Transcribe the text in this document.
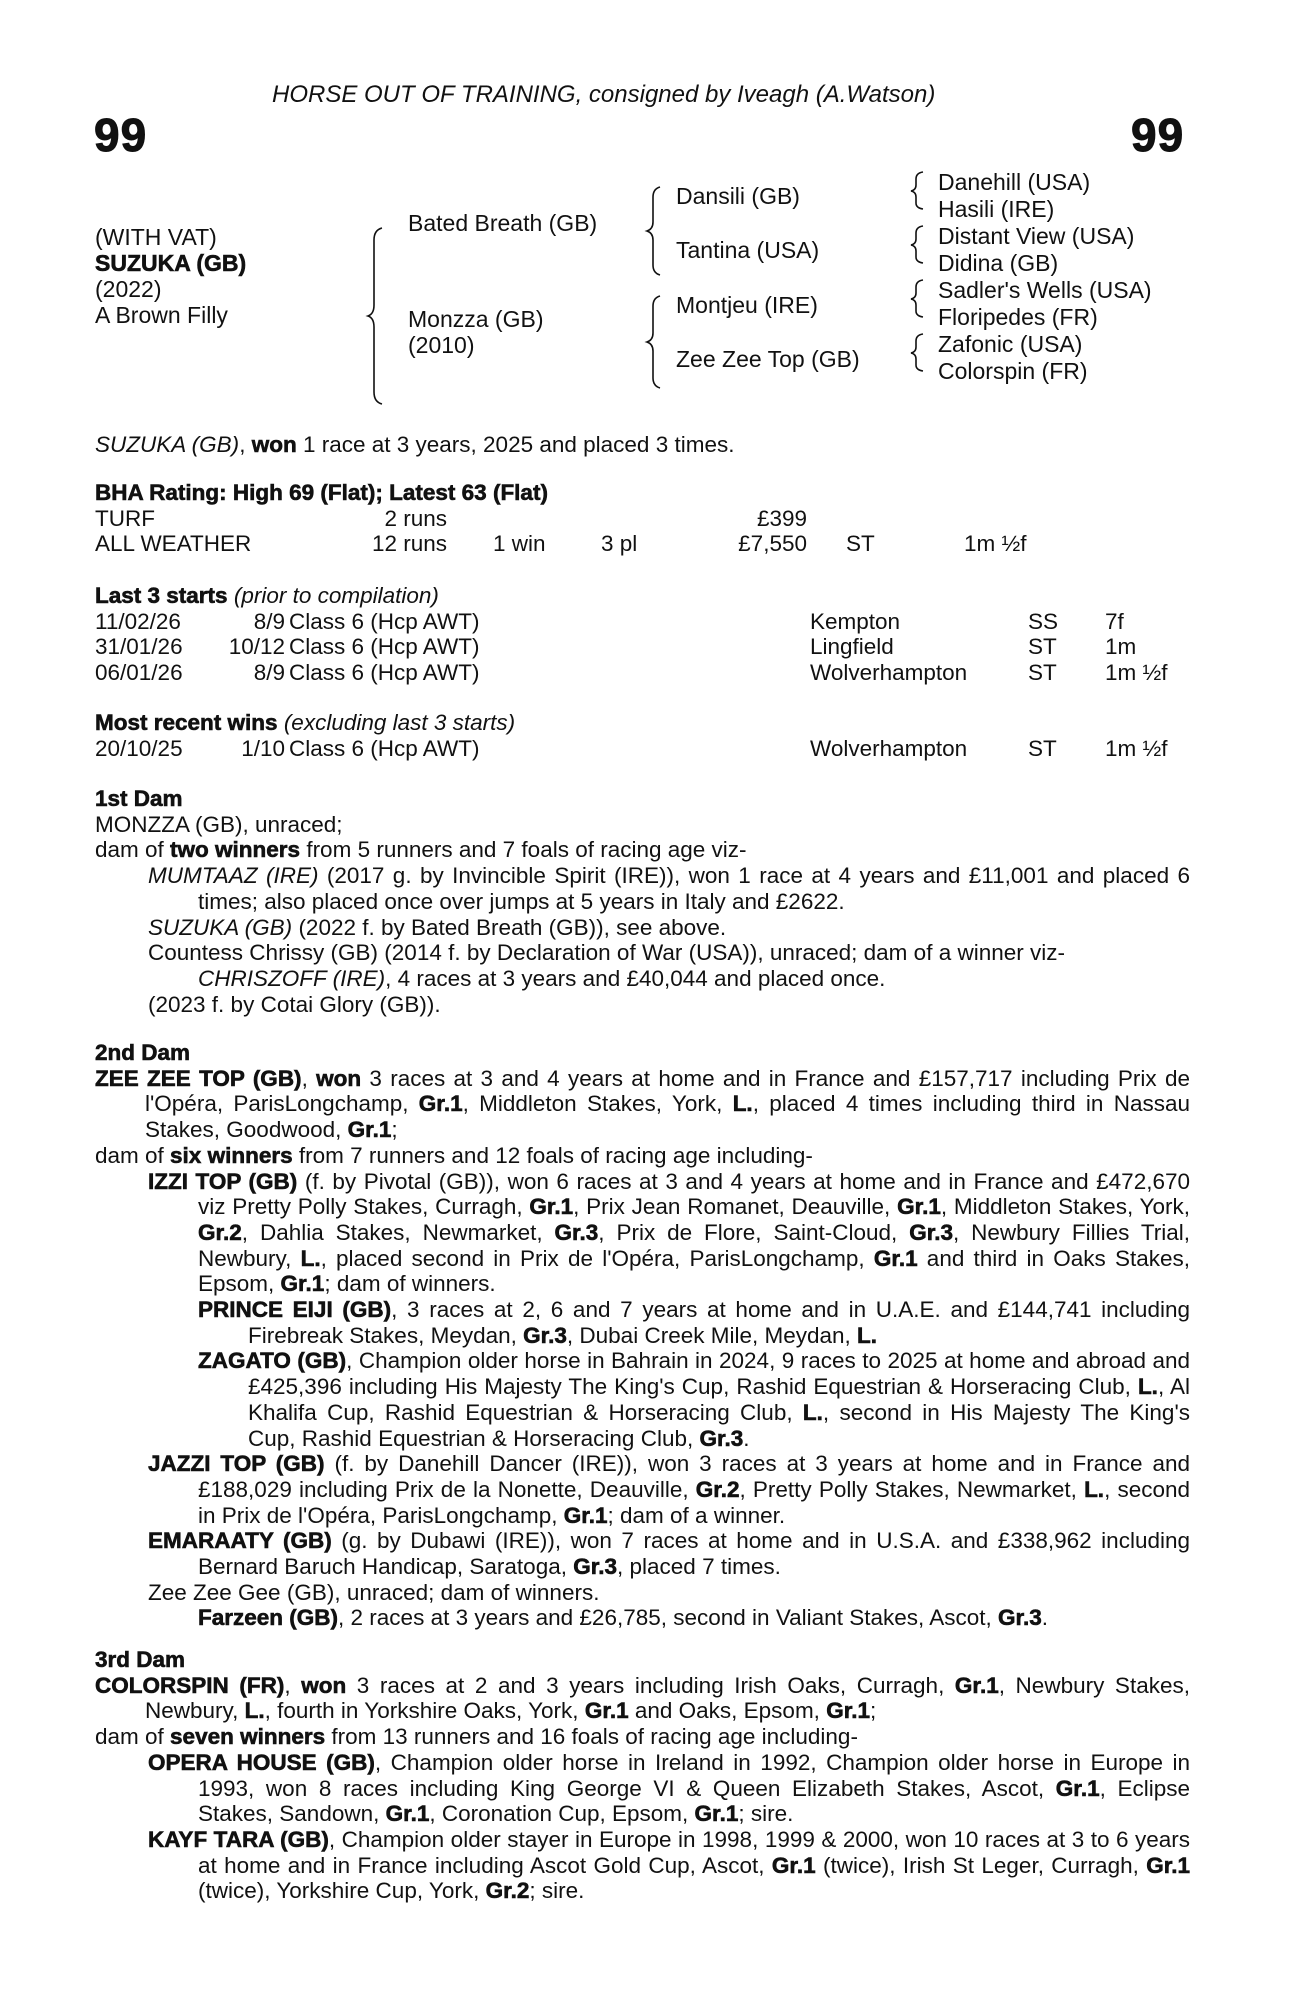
HORSE OUT OF TRAINING, consigned by Iveagh (A.Watson)
99	99
(WITH VAT)
SUZUKA (GB)
(2022)
A Brown Filly
Bated Breath (GB)
Monzza (GB)
(2010)
Dansili (GB)
Tantina (USA)
Montjeu (IRE)
Zee Zee Top (GB)
Danehill (USA)
Hasili (IRE)
Distant View (USA)
Didina (GB)
Sadler's Wells (USA)
Floripedes (FR)
Zafonic (USA)
Colorspin (FR)
SUZUKA (GB), won 1 race at 3 years, 2025 and placed 3 times.
BHA Rating: High 69 (Flat); Latest 63 (Flat)
TURF	2 runs	£399
ALL WEATHER	12 runs 1 win 3 pl	£7,550 ST	1m ½f
Last 3 starts (prior to compilation)
11/02/26	8/9 Class 6 (Hcp AWT)	Kempton	SS 7f
31/01/26 10/12 Class 6 (Hcp AWT)	Lingfield	ST 1m
06/01/26	8/9 Class 6 (Hcp AWT)	Wolverhampton	ST 1m ½f
Most recent wins (excluding last 3 starts)
20/10/25	1/10 Class 6 (Hcp AWT)	Wolverhampton	ST 1m ½f
1st Dam
MONZZA (GB), unraced;
dam of two winners from 5 runners and 7 foals of racing age viz-
MUMTAAZ (IRE) (2017 g. by Invincible Spirit (IRE)), won 1 race at 4 years and £11,001 and placed 6 times; also placed once over jumps at 5 years in Italy and £2622.
SUZUKA (GB) (2022 f. by Bated Breath (GB)), see above.
Countess Chrissy (GB) (2014 f. by Declaration of War (USA)), unraced; dam of a winner viz-
CHRISZOFF (IRE), 4 races at 3 years and £40,044 and placed once.
(2023 f. by Cotai Glory (GB)).
2nd Dam
ZEE ZEE TOP (GB), won 3 races at 3 and 4 years at home and in France and £157,717 including Prix de l'Opéra, ParisLongchamp, Gr.1, Middleton Stakes, York, L., placed 4 times including third in Nassau Stakes, Goodwood, Gr.1;
dam of six winners from 7 runners and 12 foals of racing age including-
IZZI TOP (GB) (f. by Pivotal (GB)), won 6 races at 3 and 4 years at home and in France and £472,670 viz Pretty Polly Stakes, Curragh, Gr.1, Prix Jean Romanet, Deauville, Gr.1, Middleton Stakes, York, Gr.2, Dahlia Stakes, Newmarket, Gr.3, Prix de Flore, Saint-Cloud, Gr.3, Newbury Fillies Trial, Newbury, L., placed second in Prix de l'Opéra, ParisLongchamp, Gr.1 and third in Oaks Stakes, Epsom, Gr.1; dam of winners.
PRINCE EIJI (GB), 3 races at 2, 6 and 7 years at home and in U.A.E. and £144,741 including Firebreak Stakes, Meydan, Gr.3, Dubai Creek Mile, Meydan, L.
ZAGATO (GB), Champion older horse in Bahrain in 2024, 9 races to 2025 at home and abroad and £425,396 including His Majesty The King's Cup, Rashid Equestrian & Horseracing Club, L., Al Khalifa Cup, Rashid Equestrian & Horseracing Club, L., second in His Majesty The King's Cup, Rashid Equestrian & Horseracing Club, Gr.3.
JAZZI TOP (GB) (f. by Danehill Dancer (IRE)), won 3 races at 3 years at home and in France and £188,029 including Prix de la Nonette, Deauville, Gr.2, Pretty Polly Stakes, Newmarket, L., second in Prix de l'Opéra, ParisLongchamp, Gr.1; dam of a winner.
EMARAATY (GB) (g. by Dubawi (IRE)), won 7 races at home and in U.S.A. and £338,962 including Bernard Baruch Handicap, Saratoga, Gr.3, placed 7 times.
Zee Zee Gee (GB), unraced; dam of winners.
Farzeen (GB), 2 races at 3 years and £26,785, second in Valiant Stakes, Ascot, Gr.3.
3rd Dam
COLORSPIN (FR), won 3 races at 2 and 3 years including Irish Oaks, Curragh, Gr.1, Newbury Stakes, Newbury, L., fourth in Yorkshire Oaks, York, Gr.1 and Oaks, Epsom, Gr.1;
dam of seven winners from 13 runners and 16 foals of racing age including-
OPERA HOUSE (GB), Champion older horse in Ireland in 1992, Champion older horse in Europe in 1993, won 8 races including King George VI & Queen Elizabeth Stakes, Ascot, Gr.1, Eclipse Stakes, Sandown, Gr.1, Coronation Cup, Epsom, Gr.1; sire.
KAYF TARA (GB), Champion older stayer in Europe in 1998, 1999 & 2000, won 10 races at 3 to 6 years at home and in France including Ascot Gold Cup, Ascot, Gr.1 (twice), Irish St Leger, Curragh, Gr.1 (twice), Yorkshire Cup, York, Gr.2; sire.
